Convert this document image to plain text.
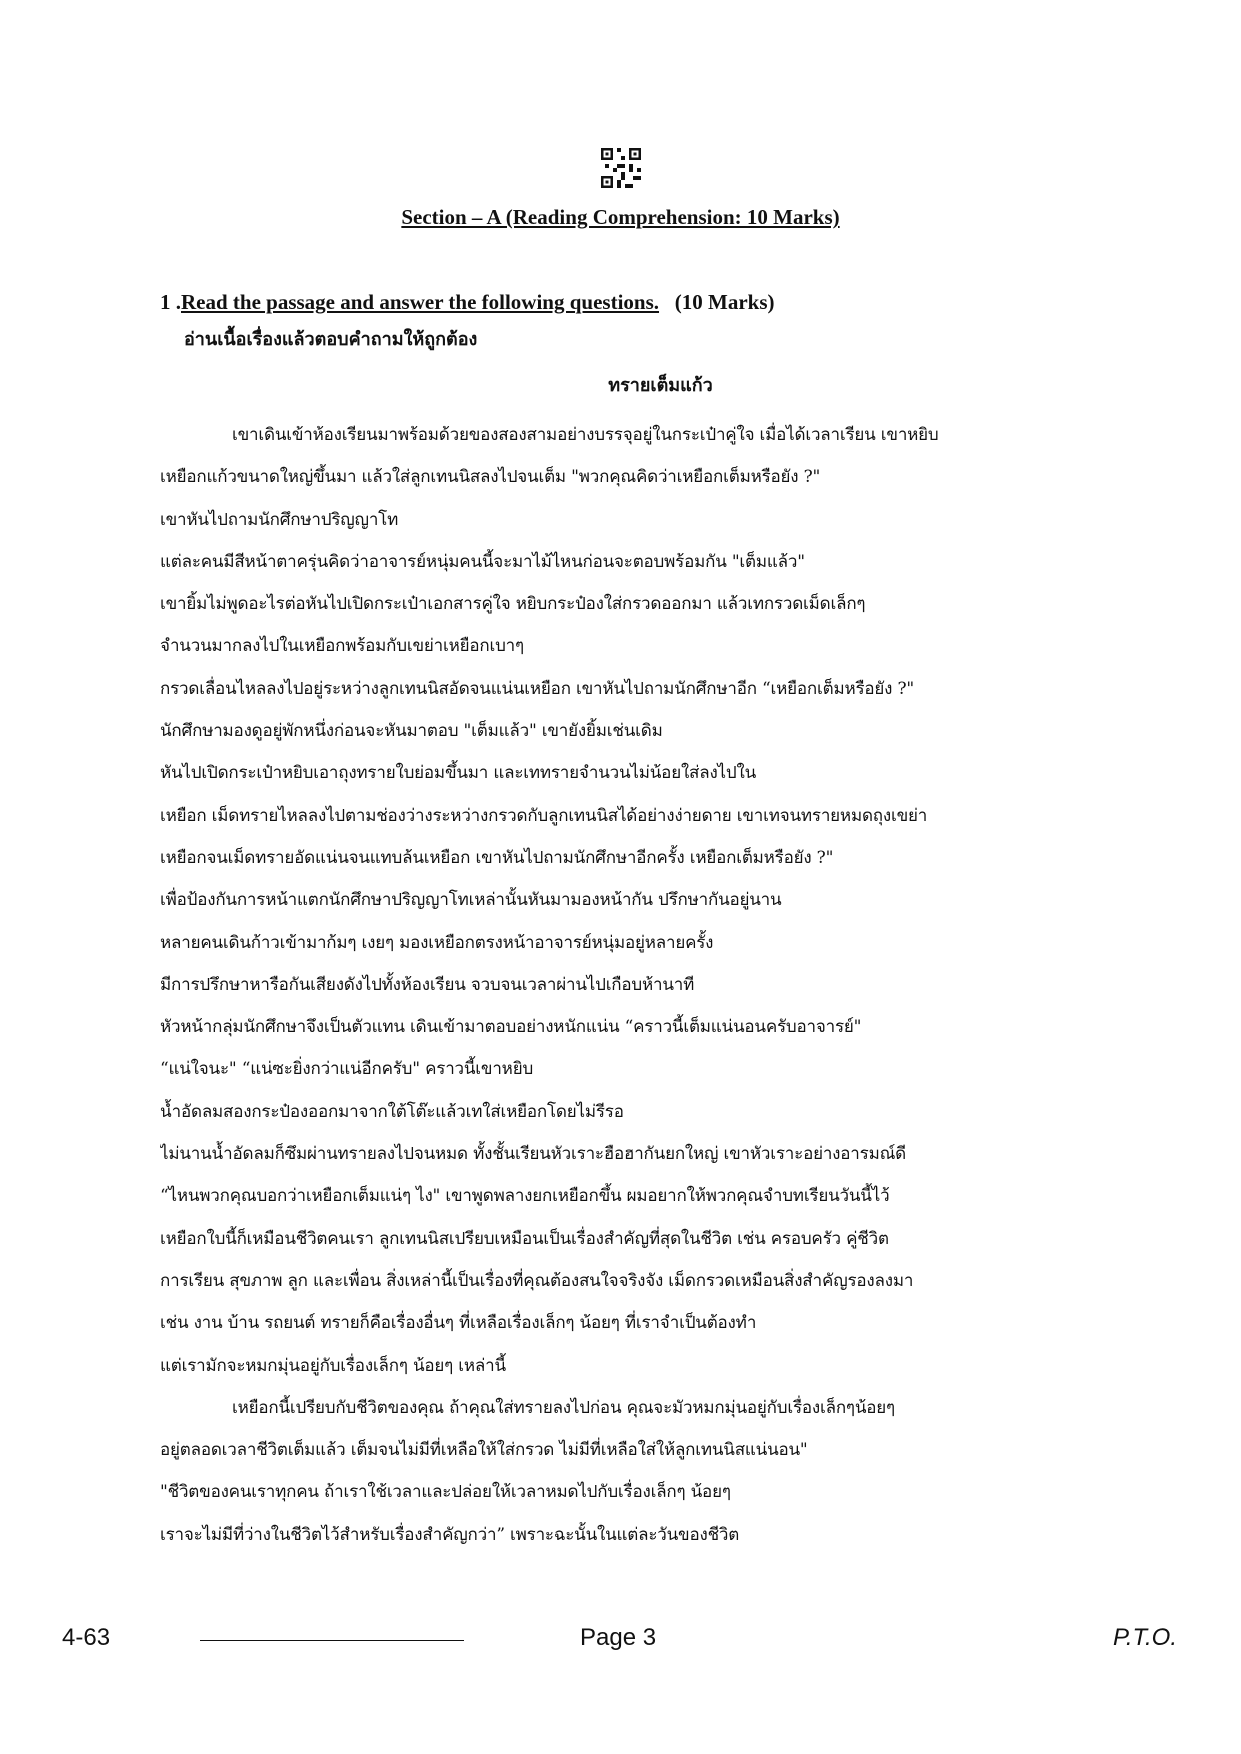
Section – A (Reading Comprehension: 10 Marks)
1 .Read the passage and answer the following questions. (10 Marks)
อ่านเนื้อเรื่องแล้วตอบคำถามให้ถูกต้อง
ทรายเต็มแก้ว
เขาเดินเข้าห้องเรียนมาพร้อมด้วยของสองสามอย่างบรรจุอยู่ในกระเป๋าคู่ใจ เมื่อได้เวลาเรียน เขาหยิบ
เหยือกแก้วขนาดใหญ่ขึ้นมา แล้วใส่ลูกเทนนิสลงไปจนเต็ม "พวกคุณคิดว่าเหยือกเต็มหรือยัง ?"
เขาหันไปถามนักศึกษาปริญญาโท
แต่ละคนมีสีหน้าตาครุ่นคิดว่าอาจารย์หนุ่มคนนี้จะมาไม้ไหนก่อนจะตอบพร้อมกัน "เต็มแล้ว"
เขายิ้มไม่พูดอะไรต่อหันไปเปิดกระเป๋าเอกสารคู่ใจ หยิบกระป๋องใส่กรวดออกมา แล้วเทกรวดเม็ดเล็กๆ
จำนวนมากลงไปในเหยือกพร้อมกับเขย่าเหยือกเบาๆ
กรวดเลื่อนไหลลงไปอยู่ระหว่างลูกเทนนิสอัดจนแน่นเหยือก เขาหันไปถามนักศึกษาอีก “เหยือกเต็มหรือยัง ?"
นักศึกษามองดูอยู่พักหนึ่งก่อนจะหันมาตอบ "เต็มแล้ว" เขายังยิ้มเช่นเดิม
หันไปเปิดกระเป๋าหยิบเอาถุงทรายใบย่อมขึ้นมา และเททรายจำนวนไม่น้อยใส่ลงไปใน
เหยือก เม็ดทรายไหลลงไปตามช่องว่างระหว่างกรวดกับลูกเทนนิสได้อย่างง่ายดาย เขาเทจนทรายหมดถุงเขย่า
เหยือกจนเม็ดทรายอัดแน่นจนแทบล้นเหยือก เขาหันไปถามนักศึกษาอีกครั้ง เหยือกเต็มหรือยัง ?"
เพื่อป้องกันการหน้าแตกนักศึกษาปริญญาโทเหล่านั้นหันมามองหน้ากัน ปรึกษากันอยู่นาน
หลายคนเดินก้าวเข้ามาก้มๆ เงยๆ มองเหยือกตรงหน้าอาจารย์หนุ่มอยู่หลายครั้ง
มีการปรึกษาหารือกันเสียงดังไปทั้งห้องเรียน จวบจนเวลาผ่านไปเกือบห้านาที
หัวหน้ากลุ่มนักศึกษาจึงเป็นตัวแทน เดินเข้ามาตอบอย่างหนักแน่น “คราวนี้เต็มแน่นอนครับอาจารย์"
“แน่ใจนะ" “แน่ซะยิ่งกว่าแน่อีกครับ" คราวนี้เขาหยิบ
น้ำอัดลมสองกระป๋องออกมาจากใต้โต๊ะแล้วเทใส่เหยือกโดยไม่รีรอ
ไม่นานน้ำอัดลมก็ซึมผ่านทรายลงไปจนหมด ทั้งชั้นเรียนหัวเราะฮือฮากันยกใหญ่ เขาหัวเราะอย่างอารมณ์ดี
“ไหนพวกคุณบอกว่าเหยือกเต็มแน่ๆ ไง" เขาพูดพลางยกเหยือกขึ้น ผมอยากให้พวกคุณจำบทเรียนวันนี้ไว้
เหยือกใบนี้ก็เหมือนชีวิตคนเรา ลูกเทนนิสเปรียบเหมือนเป็นเรื่องสำคัญที่สุดในชีวิต เช่น ครอบครัว คู่ชีวิต
การเรียน สุขภาพ ลูก และเพื่อน สิ่งเหล่านี้เป็นเรื่องที่คุณต้องสนใจจริงจัง เม็ดกรวดเหมือนสิ่งสำคัญรองลงมา
เช่น งาน บ้าน รถยนต์ ทรายก็คือเรื่องอื่นๆ ที่เหลือเรื่องเล็กๆ น้อยๆ ที่เราจำเป็นต้องทำ
แต่เรามักจะหมกมุ่นอยู่กับเรื่องเล็กๆ น้อยๆ เหล่านี้
เหยือกนี้เปรียบกับชีวิตของคุณ ถ้าคุณใส่ทรายลงไปก่อน คุณจะมัวหมกมุ่นอยู่กับเรื่องเล็กๆน้อยๆ
อยู่ตลอดเวลาชีวิตเต็มแล้ว เต็มจนไม่มีที่เหลือให้ใส่กรวด ไม่มีที่เหลือใส่ให้ลูกเทนนิสแน่นอน"
"ชีวิตของคนเราทุกคน ถ้าเราใช้เวลาและปล่อยให้เวลาหมดไปกับเรื่องเล็กๆ น้อยๆ
เราจะไม่มีที่ว่างในชีวิตไว้สำหรับเรื่องสำคัญกว่า” เพราะฉะนั้นในแต่ละวันของชีวิต
4-63	Page 3	P.T.O.
